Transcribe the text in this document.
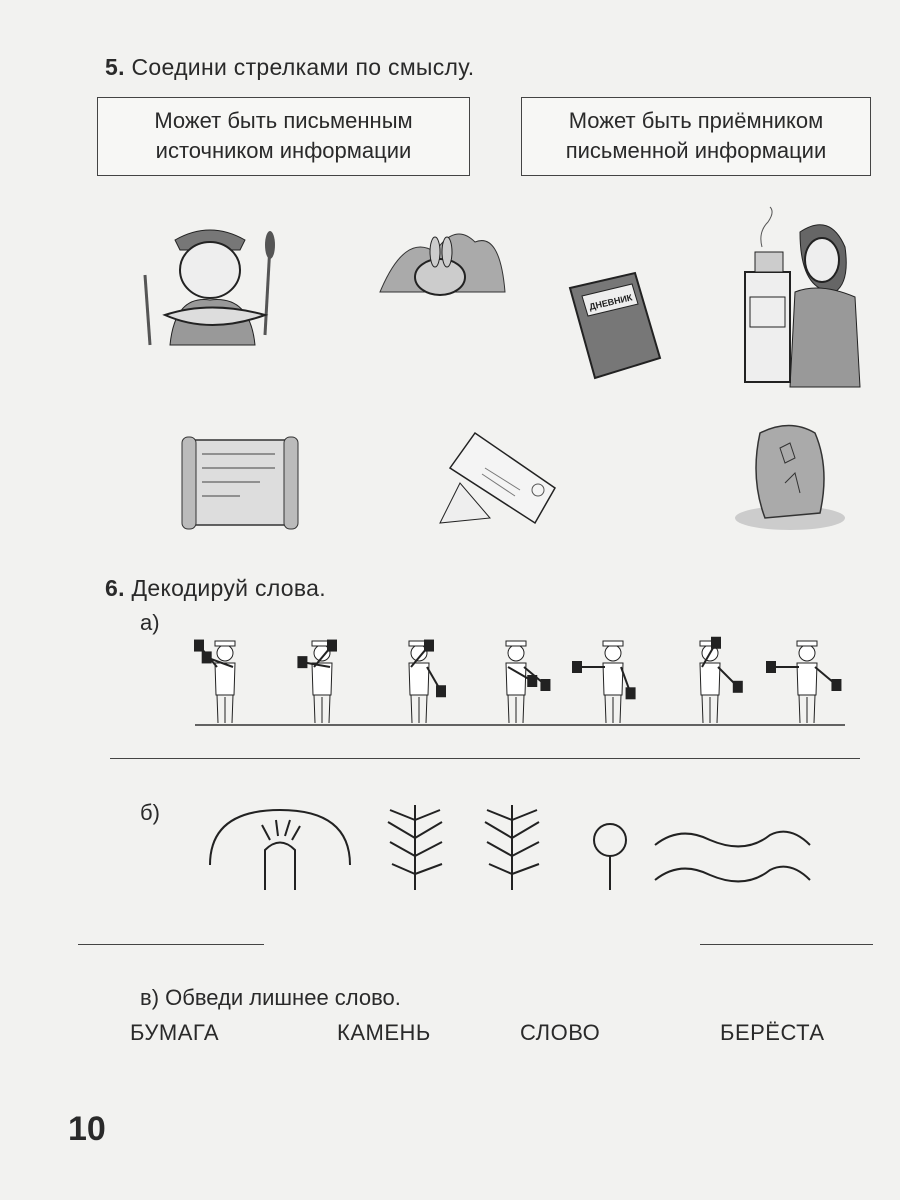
5. Соедини стрелками по смыслу.
Может быть письменным
источником информации
Может быть приёмником
письменной информации
ДНЕВНИК
6. Декодируй слова.
а)
б)
в) Обведи лишнее слово.
БУМАГА	КАМЕНЬ	СЛОВО	БЕРЁСТА
10
